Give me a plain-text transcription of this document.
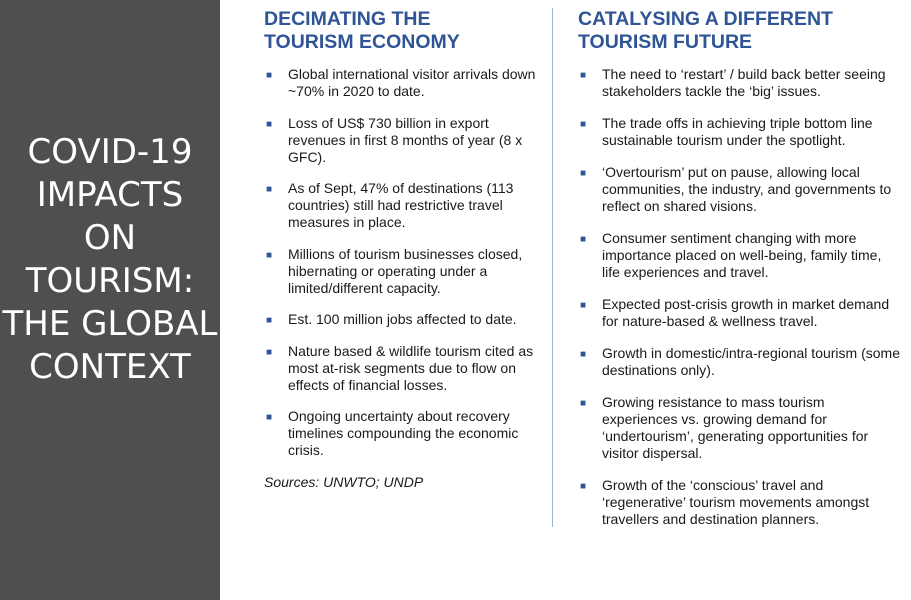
COVID-19
IMPACTS
ON
TOURISM:
THE GLOBAL
CONTEXT
DECIMATING THE
TOURISM ECONOMY
■ Global international visitor arrivals down ~70% in 2020 to date.
■ Loss of US$ 730 billion in export revenues in first 8 months of year (8 x GFC).
■ As of Sept, 47% of destinations (113 countries) still had restrictive travel measures in place.
■ Millions of tourism businesses closed, hibernating or operating under a limited/different capacity.
■ Est. 100 million jobs affected to date.
■ Nature based & wildlife tourism cited as most at-risk segments due to flow on effects of financial losses.
■ Ongoing uncertainty about recovery timelines compounding the economic crisis.
Sources: UNWTO; UNDP
CATALYSING A DIFFERENT
TOURISM FUTURE
■ The need to ‘restart’ / build back better seeing stakeholders tackle the ‘big’ issues.
■ The trade offs in achieving triple bottom line sustainable tourism under the spotlight.
■ ‘Overtourism’ put on pause, allowing local communities, the industry, and governments to reflect on shared visions.
■ Consumer sentiment changing with more importance placed on well-being, family time, life experiences and travel.
■ Expected post-crisis growth in market demand for nature-based & wellness travel.
■ Growth in domestic/intra-regional tourism (some destinations only).
■ Growing resistance to mass tourism experiences vs. growing demand for ‘undertourism’, generating opportunities for visitor dispersal.
■ Growth of the ‘conscious’ travel and ‘regenerative’ tourism movements amongst travellers and destination planners.
